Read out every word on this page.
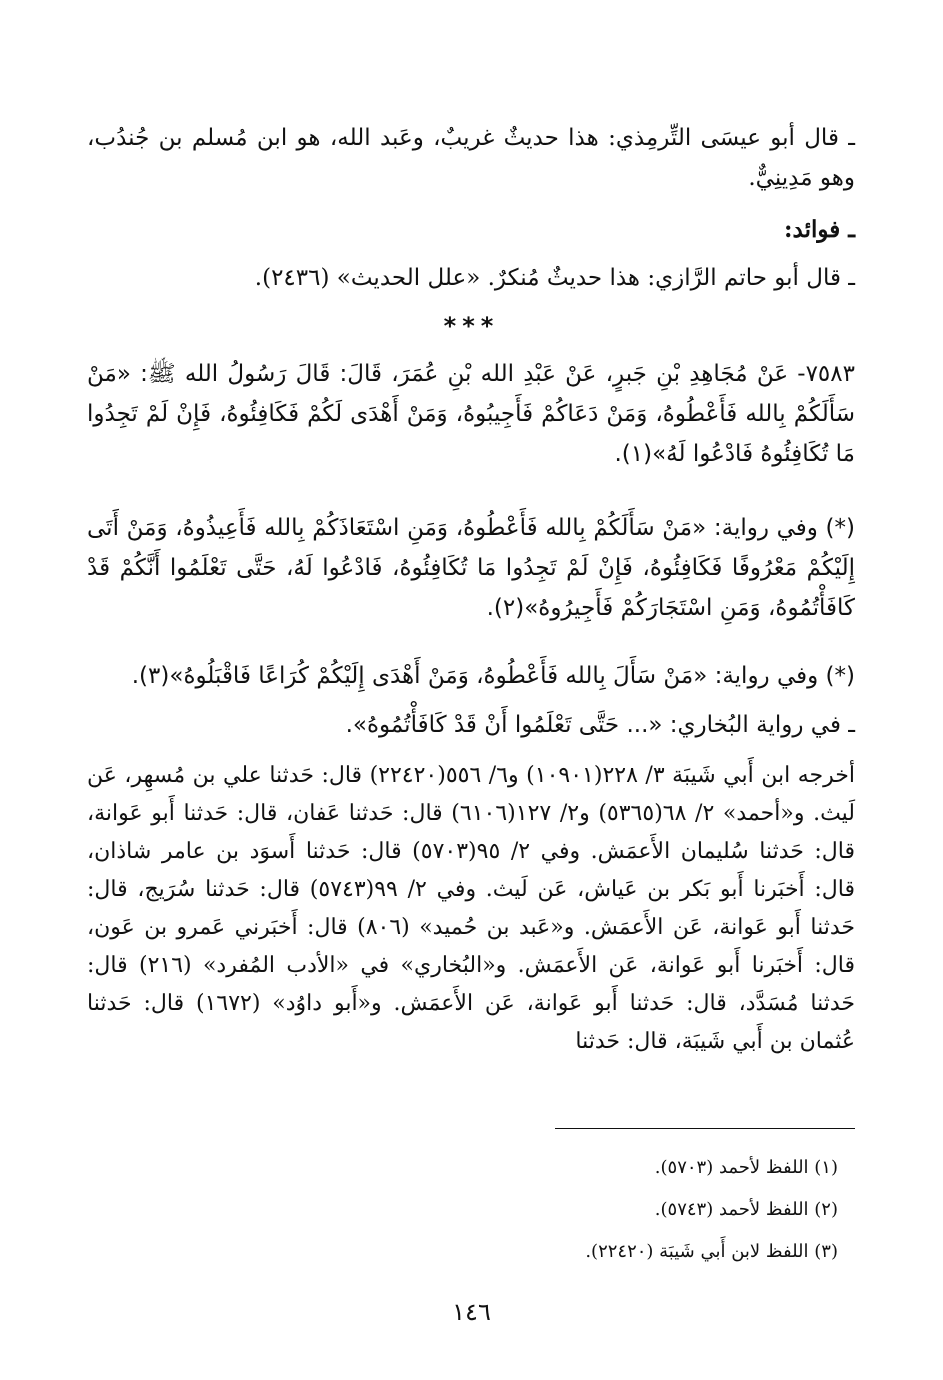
ـ قال أبو عيسَى التِّرمِذي: هذا حديثٌ غريبٌ، وعَبد الله، هو ابن مُسلم بن جُندُب، وهو مَدِينِيٌّ.

ـ فوائد:

ـ قال أبو حاتم الرَّازي: هذا حديثٌ مُنكرٌ. «علل الحديث» (٢٤٣٦).

***

٧٥٨٣- عَنْ مُجَاهِدِ بْنِ جَبرٍ، عَنْ عَبْدِ الله بْنِ عُمَرَ، قَالَ: قَالَ رَسُولُ الله ﷺ: «مَنْ سَأَلَكُمْ بِالله فَأَعْطُوهُ، وَمَنْ دَعَاكُمْ فَأَجِيبُوهُ، وَمَنْ أَهْدَى لَكُمْ فَكَافِئُوهُ، فَإِنْ لَمْ تَجِدُوا مَا تُكَافِئُوهُ فَادْعُوا لَهُ»(١).

(*) وفي رواية: «مَنْ سَأَلَكُمْ بِالله فَأَعْطُوهُ، وَمَنِ اسْتَعَاذَكُمْ بِالله فَأَعِيذُوهُ، وَمَنْ أَتَى إِلَيْكُمْ مَعْرُوفًا فَكَافِئُوهُ، فَإِنْ لَمْ تَجِدُوا مَا تُكَافِئُوهُ، فَادْعُوا لَهُ، حَتَّى تَعْلَمُوا أَنَّكُمْ قَدْ كَافَأْتُمُوهُ، وَمَنِ اسْتَجَارَكُمْ فَأَجِيرُوهُ»(٢).

(*) وفي رواية: «مَنْ سَأَلَ بِالله فَأَعْطُوهُ، وَمَنْ أَهْدَى إِلَيْكُمْ كُرَاعًا فَاقْبَلُوهُ»(٣).

ـ في رواية البُخاري: «... حَتَّى تَعْلَمُوا أَنْ قَدْ كَافَأْتُمُوهُ».

أخرجه ابن أَبي شَيبَة ٣/ ٢٢٨(١٠٩٠١) و٦/ ٥٥٦(٢٢٤٢٠) قال: حَدثنا علي بن مُسهِر، عَن لَيث. و«أحمد» ٢/ ٦٨(٥٣٦٥) و٢/ ١٢٧(٦١٠٦) قال: حَدثنا عَفان، قال: حَدثنا أَبو عَوانة، قال: حَدثنا سُليمان الأَعمَش. وفي ٢/ ٩٥(٥٧٠٣) قال: حَدثنا أَسوَد بن عامر شاذان، قال: أَخبَرنا أَبو بَكر بن عَياش، عَن لَيث. وفي ٢/ ٩٩(٥٧٤٣) قال: حَدثنا سُرَيج، قال: حَدثنا أَبو عَوانة، عَن الأَعمَش. و«عَبد بن حُميد» (٨٠٦) قال: أَخبَرني عَمرو بن عَون، قال: أَخبَرنا أَبو عَوانة، عَن الأَعمَش. و«البُخاري» في «الأدب المُفرد» (٢١٦) قال: حَدثنا مُسَدَّد، قال: حَدثنا أَبو عَوانة، عَن الأَعمَش. و«أَبو داوُد» (١٦٧٢) قال: حَدثنا عُثمان بن أَبي شَيبَة، قال: حَدثنا

(١) اللفظ لأحمد (٥٧٠٣).

(٢) اللفظ لأحمد (٥٧٤٣).

(٣) اللفظ لابن أَبي شَيبَة (٢٢٤٢٠).

١٤٦
